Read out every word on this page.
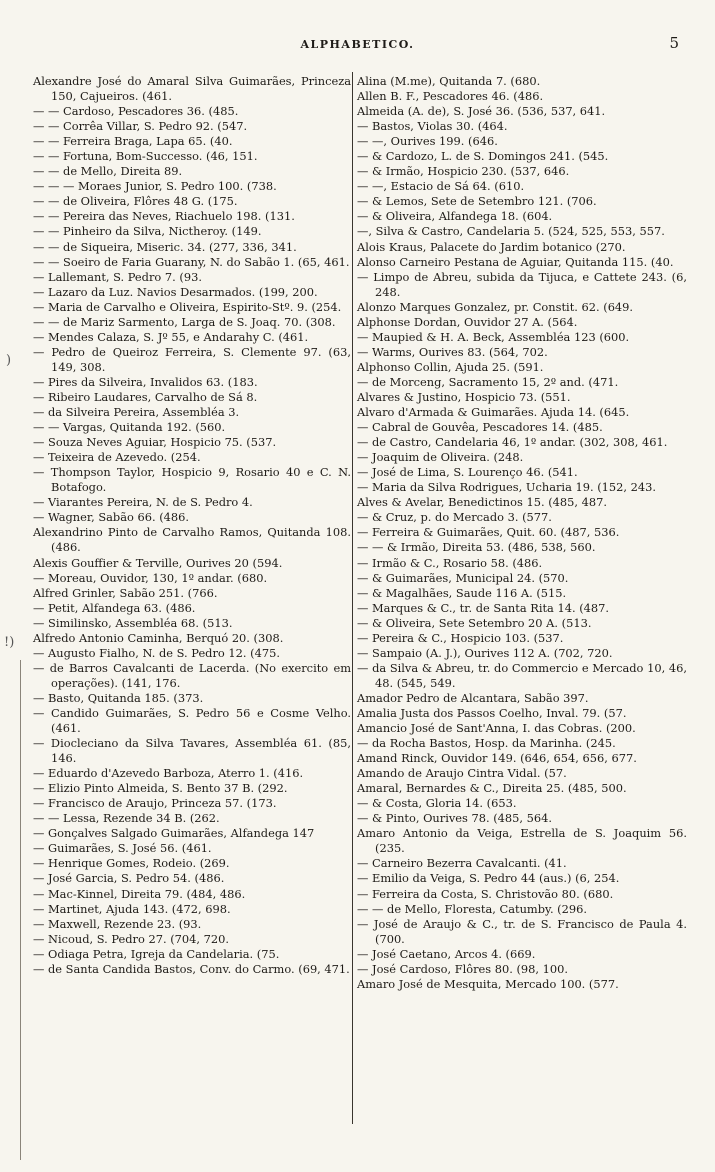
ALPHABETICO.	5
)
!)
Alexandre José do Amaral Silva Guimarães, Princeza 150, Cajueiros. (461.
— — Cardoso, Pescadores 36. (485.
— — Corrêa Villar, S. Pedro 92. (547.
— — Ferreira Braga, Lapa 65. (40.
— — Fortuna, Bom-Successo. (46, 151.
— — de Mello, Direita 89.
— — — Moraes Junior, S. Pedro 100. (738.
— — de Oliveira, Flôres 48 G. (175.
— — Pereira das Neves, Riachuelo 198. (131.
— — Pinheiro da Silva, Nictheroy. (149.
— — de Siqueira, Miseric. 34. (277, 336, 341.
— — Soeiro de Faria Guarany, N. do Sabão 1. (65, 461.
— Lallemant, S. Pedro 7. (93.
— Lazaro da Luz. Navios Desarmados. (199, 200.
— Maria de Carvalho e Oliveira, Espirito-Stº. 9. (254.
— — de Mariz Sarmento, Larga de S. Joaq. 70. (308.
— Mendes Calaza, S. Jº 55, e Andarahy C. (461.
— Pedro de Queiroz Ferreira, S. Clemente 97. (63, 149, 308.
— Pires da Silveira, Invalidos 63. (183.
— Ribeiro Laudares, Carvalho de Sá 8.
— da Silveira Pereira, Assembléa 3.
— — Vargas, Quitanda 192. (560.
— Souza Neves Aguiar, Hospicio 75. (537.
— Teixeira de Azevedo. (254.
— Thompson Taylor, Hospicio 9, Rosario 40 e C. N. Botafogo.
— Viarantes Pereira, N. de S. Pedro 4.
— Wagner, Sabão 66. (486.
Alexandrino Pinto de Carvalho Ramos, Quitanda 108. (486.
Alexis Gouffier & Terville, Ourives 20 (594.
— Moreau, Ouvidor, 130, 1º andar. (680.
Alfred Grinler, Sabão 251. (766.
— Petit, Alfandega 63. (486.
— Similinsko, Assembléa 68. (513.
Alfredo Antonio Caminha, Berquó 20. (308.
— Augusto Fialho, N. de S. Pedro 12. (475.
— de Barros Cavalcanti de Lacerda. (No exercito em operações). (141, 176.
— Basto, Quitanda 185. (373.
— Candido Guimarães, S. Pedro 56 e Cosme Velho. (461.
— Diocleciano da Silva Tavares, Assembléa 61. (85, 146.
— Eduardo d'Azevedo Barboza, Aterro 1. (416.
— Elizio Pinto Almeida, S. Bento 37 B. (292.
— Francisco de Araujo, Princeza 57. (173.
— — Lessa, Rezende 34 B. (262.
— Gonçalves Salgado Guimarães, Alfandega 147
— Guimarães, S. José 56. (461.
— Henrique Gomes, Rodeio. (269.
— José Garcia, S. Pedro 54. (486.
— Mac-Kinnel, Direita 79. (484, 486.
— Martinet, Ajuda 143. (472, 698.
— Maxwell, Rezende 23. (93.
— Nicoud, S. Pedro 27. (704, 720.
— Odiaga Petra, Igreja da Candelaria. (75.
— de Santa Candida Bastos, Conv. do Carmo. (69, 471.
Alina (M.me), Quitanda 7. (680.
Allen B. F., Pescadores 46. (486.
Almeida (A. de), S. José 36. (536, 537, 641.
— Bastos, Violas 30. (464.
— —, Ourives 199. (646.
— & Cardozo, L. de S. Domingos 241. (545.
— & Irmão, Hospicio 230. (537, 646.
— —, Estacio de Sá 64. (610.
— & Lemos, Sete de Setembro 121. (706.
— & Oliveira, Alfandega 18. (604.
—, Silva & Castro, Candelaria 5. (524, 525, 553, 557.
Alois Kraus, Palacete do Jardim botanico (270.
Alonso Carneiro Pestana de Aguiar, Quitanda 115. (40.
— Limpo de Abreu, subida da Tijuca, e Cattete 243. (6, 248.
Alonzo Marques Gonzalez, pr. Constit. 62. (649.
Alphonse Dordan, Ouvidor 27 A. (564.
— Maupied & H. A. Beck, Assembléa 123 (600.
— Warms, Ourives 83. (564, 702.
Alphonso Collin, Ajuda 25. (591.
— de Morceng, Sacramento 15, 2º and. (471.
Alvares & Justino, Hospicio 73. (551.
Alvaro d'Armada & Guimarães. Ajuda 14. (645.
— Cabral de Gouvêa, Pescadores 14. (485.
— de Castro, Candelaria 46, 1º andar. (302, 308, 461.
— Joaquim de Oliveira. (248.
— José de Lima, S. Lourenço 46. (541.
— Maria da Silva Rodrigues, Ucharia 19. (152, 243.
Alves & Avelar, Benedictinos 15. (485, 487.
— & Cruz, p. do Mercado 3. (577.
— Ferreira & Guimarães, Quit. 60. (487, 536.
— — & Irmão, Direita 53. (486, 538, 560.
— Irmão & C., Rosario 58. (486.
— & Guimarães, Municipal 24. (570.
— & Magalhães, Saude 116 A. (515.
— Marques & C., tr. de Santa Rita 14. (487.
— & Oliveira, Sete Setembro 20 A. (513.
— Pereira & C., Hospicio 103. (537.
— Sampaio (A. J.), Ourives 112 A. (702, 720.
— da Silva & Abreu, tr. do Commercio e Mercado 10, 46, 48. (545, 549.
Amador Pedro de Alcantara, Sabão 397.
Amalia Justa dos Passos Coelho, Inval. 79. (57.
Amancio José de Sant'Anna, I. das Cobras. (200.
— da Rocha Bastos, Hosp. da Marinha. (245.
Amand Rinck, Ouvidor 149. (646, 654, 656, 677.
Amando de Araujo Cintra Vidal. (57.
Amaral, Bernardes & C., Direita 25. (485, 500.
— & Costa, Gloria 14. (653.
— & Pinto, Ourives 78. (485, 564.
Amaro Antonio da Veiga, Estrella de S. Joaquim 56. (235.
— Carneiro Bezerra Cavalcanti. (41.
— Emilio da Veiga, S. Pedro 44 (aus.) (6, 254.
— Ferreira da Costa, S. Christovão 80. (680.
— — de Mello, Floresta, Catumby. (296.
— José de Araujo & C., tr. de S. Francisco de Paula 4. (700.
— José Caetano, Arcos 4. (669.
— José Cardoso, Flôres 80. (98, 100.
Amaro José de Mesquita, Mercado 100. (577.
